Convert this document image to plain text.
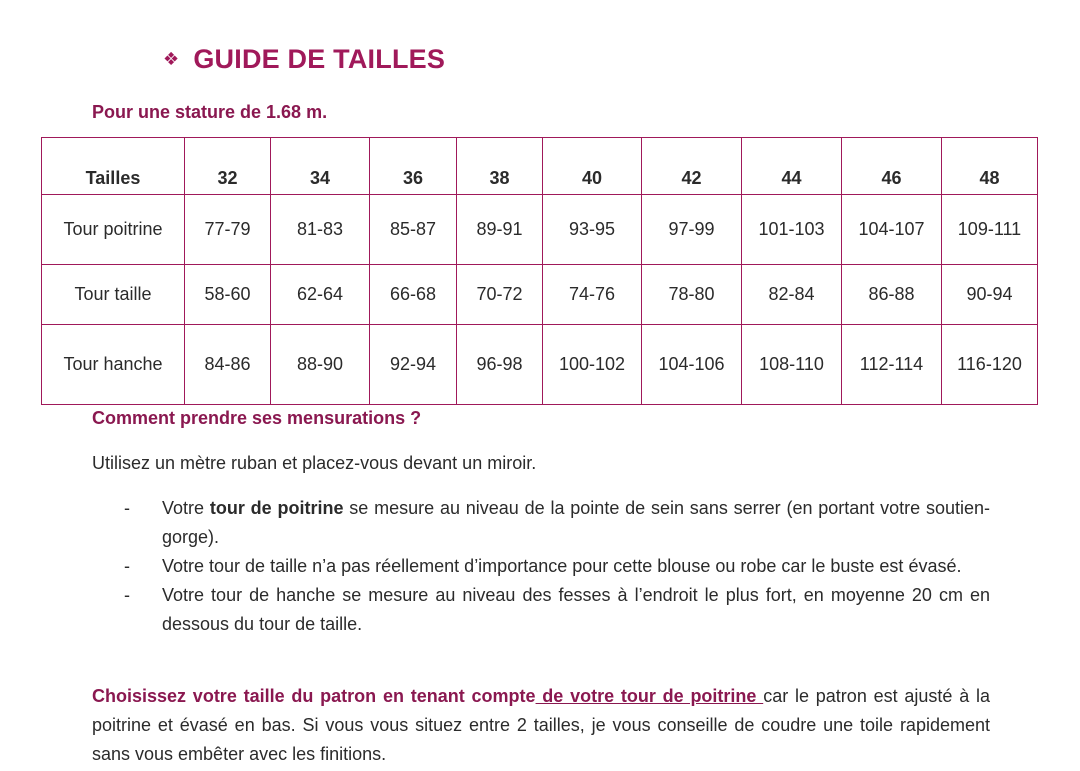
❖ GUIDE DE TAILLES

Pour une stature de 1.68 m.

Tailles	32	34	36	38	40	42	44	46	48
Tour poitrine	77-79	81-83	85-87	89-91	93-95	97-99	101-103	104-107	109-111
Tour taille	58-60	62-64	66-68	70-72	74-76	78-80	82-84	86-88	90-94
Tour hanche	84-86	88-90	92-94	96-98	100-102	104-106	108-110	112-114	116-120

Comment prendre ses mensurations ?

Utilisez un mètre ruban et placez-vous devant un miroir.

- Votre tour de poitrine se mesure au niveau de la pointe de sein sans serrer (en portant votre soutien-gorge).
- Votre tour de taille n’a pas réellement d’importance pour cette blouse ou robe car le buste est évasé.
- Votre tour de hanche se mesure au niveau des fesses à l’endroit le plus fort, en moyenne 20 cm en dessous du tour de taille.

Choisissez votre taille du patron en tenant compte de votre tour de poitrine car le patron est ajusté à la poitrine et évasé en bas. Si vous vous situez entre 2 tailles, je vous conseille de coudre une toile rapidement sans vous embêter avec les finitions.
